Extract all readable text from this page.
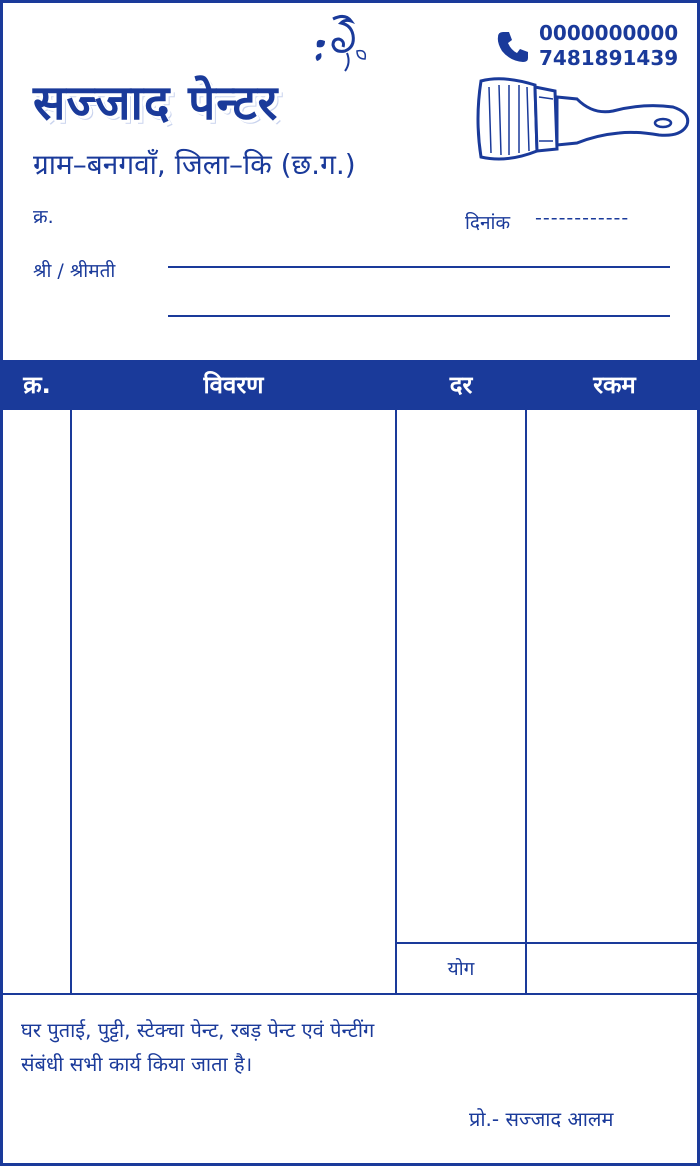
सज्जाद पेन्टर
ग्राम–बनगवाँ, जिला–कि (छ.ग.)
0000000000
7481891439
क्र.	दिनांक ------------
श्री / श्रीमती
क्र.	विवरण	दर	रकम
योग
घर पुताई, पुट्टी, स्टेक्चा पेन्ट, रबड़ पेन्ट एवं पेन्टींग
संबंधी सभी कार्य किया जाता है।
प्रो.- सज्जाद आलम
